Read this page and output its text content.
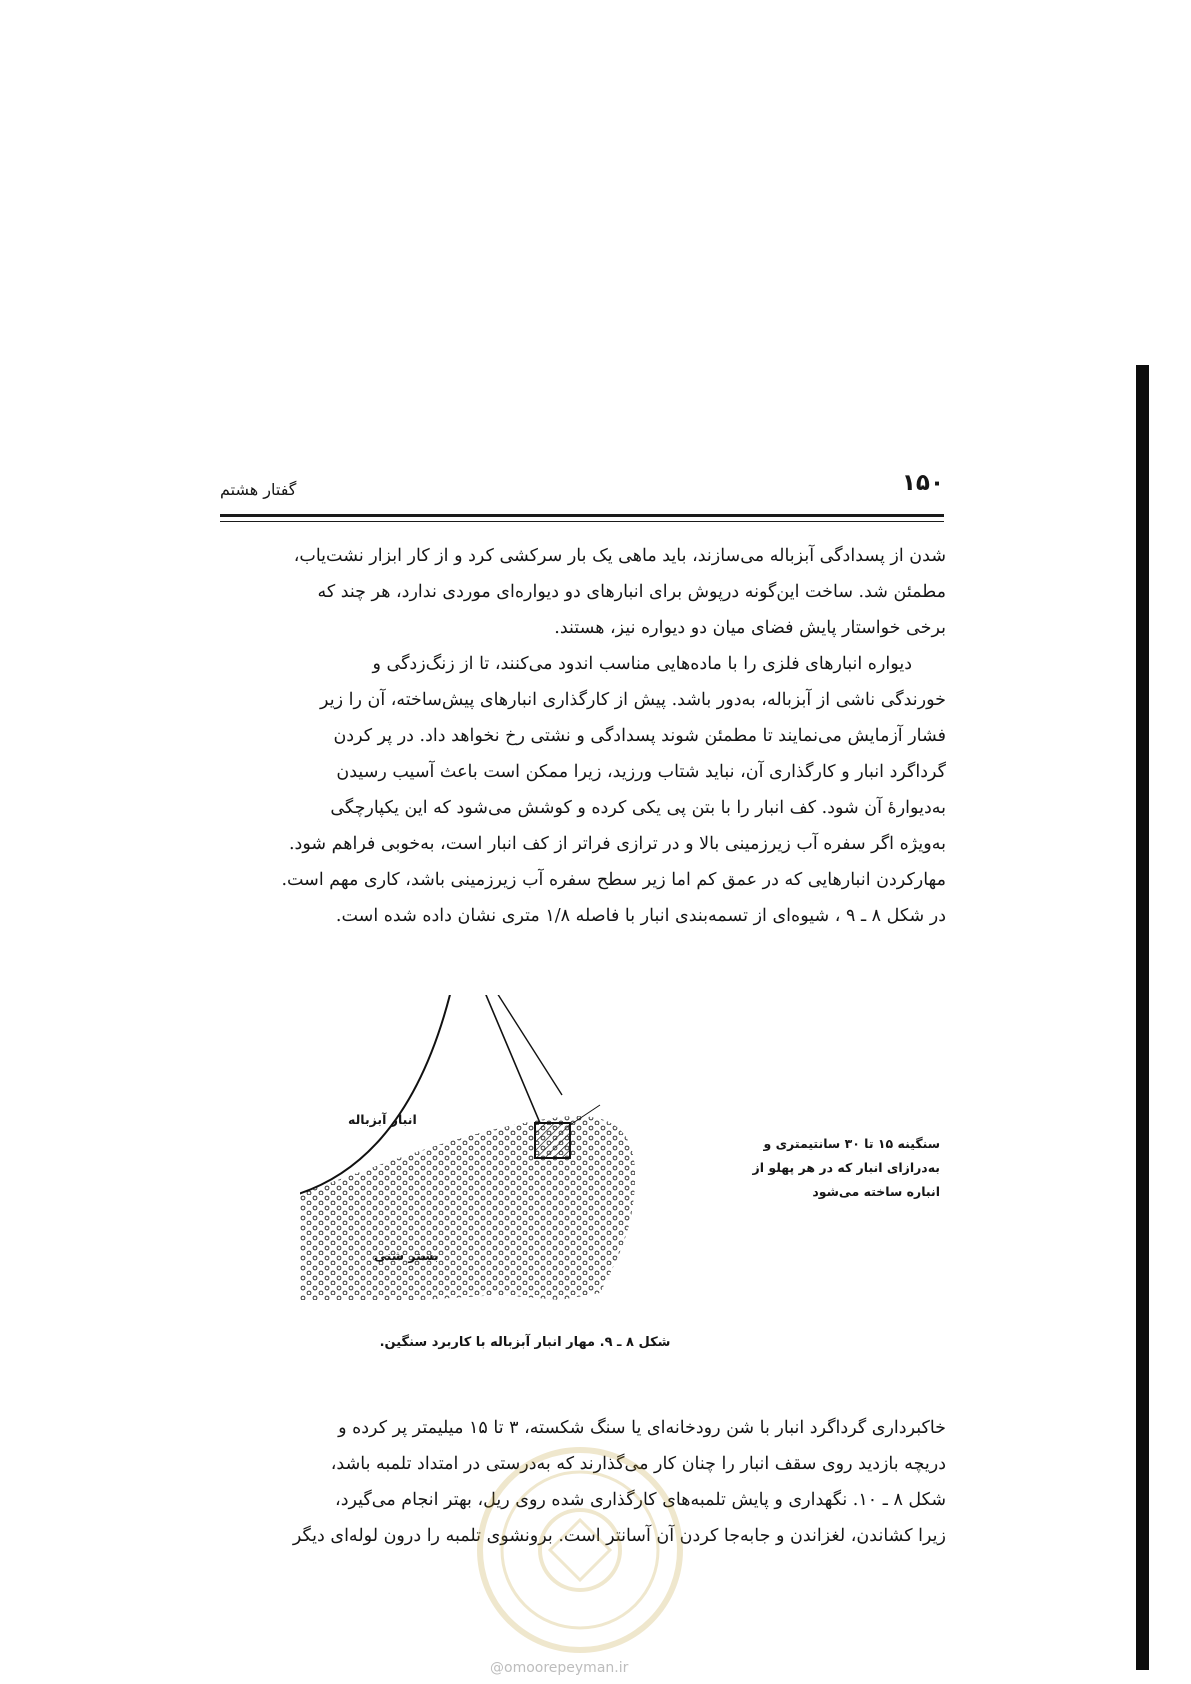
۱۵۰
گفتار هشتم

شدن از پسدادگی آبزباله می‌سازند، باید ماهی یک بار سرکشی کرد و از کار ابزار نشت‌یاب،
مطمئن شد. ساخت این‌گونه درپوش برای انبارهای دو دیواره‌ای موردی ندارد، هر چند که
برخی خواستار پایش فضای میان دو دیواره نیز، هستند.

دیواره انبارهای فلزی را با ماده‌هایی مناسب اندود می‌کنند، تا از زنگ‌زدگی و
خورندگی ناشی از آبزباله، به‌دور باشد. پیش از کارگذاری انبارهای پیش‌ساخته، آن را زیر
فشار آزمایش می‌نمایند تا مطمئن شوند پسدادگی و نشتی رخ نخواهد داد. در پر کردن
گرداگرد انبار و کارگذاری آن، نباید شتاب ورزید، زیرا ممکن است باعث آسیب رسیدن
به‌دیوارهٔ آن شود. کف انبار را با بتن پی یکی کرده و کوشش می‌شود که این یکپارچگی
به‌ویژه اگر سفره آب زیرزمینی بالا و در ترازی فراتر از کف انبار است، به‌خوبی فراهم شود.
مهارکردن انبارهایی که در عمق کم اما زیر سطح سفره آب زیرزمینی باشد، کاری مهم است.
در شکل ۸ ـ ۹ ، شیوه‌ای از تسمه‌بندی انبار با فاصله ۱/۸ متری نشان داده شده است.

انبار آبزباله
بستر شنی
سنگینه ۱۵ تا ۳۰ سانتیمتری و
به‌درازای انبار که در هر پهلو از
انباره ساخته می‌شود
شکل ۸ ـ ۹. مهار انبار آبزباله با کاربرد سنگین.

خاکبرداری گرداگرد انبار با شن رودخانه‌ای یا سنگ شکسته، ۳ تا ۱۵ میلیمتر پر کرده و
دریچه بازدید روی سقف انبار را چنان کار می‌گذارند که به‌درستی در امتداد تلمبه باشد،
شکل ۸ ـ ۱۰. نگهداری و پایش تلمبه‌های کارگذاری شده روی ریل، بهتر انجام می‌گیرد،
زیرا کشاندن، لغزاندن و جابه‌جا کردن آن آسانتر است. برونشوی تلمبه را درون لوله‌ای دیگر

@omoorepeyman.ir
